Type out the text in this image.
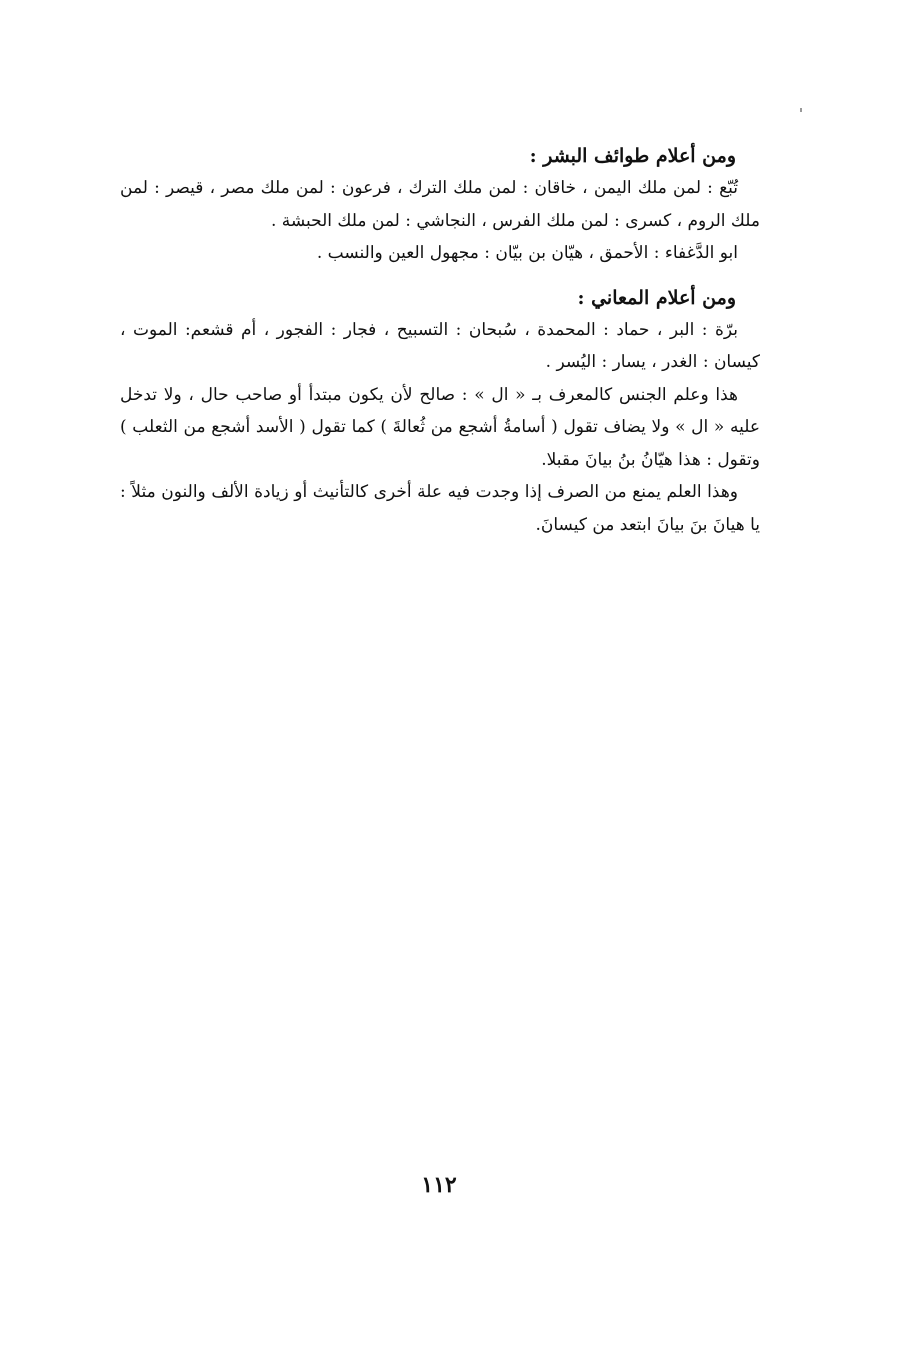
ومن أعلام طوائف البشر :

تُبّع : لمن ملك اليمن ، خاقان : لمن ملك الترك ، فرعون : لمن ملك مصر ، قيصر : لمن ملك الروم ، كسرى : لمن ملك الفرس ، النجاشي : لمن ملك الحبشة .

ابو الدَّغفاء : الأحمق ، هيّان بن بيّان : مجهول العين والنسب .

ومن أعلام المعاني :

برّة : البر ، حماد : المحمدة ، سُبحان : التسبيح ، فجار : الفجور ، أم قشعم: الموت ، كيسان : الغدر ، يسار : اليُسر .

هذا وعلم الجنس كالمعرف بـ « ال » : صالح لأن يكون مبتدأ أو صاحب حال ، ولا تدخل عليه « ال » ولا يضاف تقول ( أسامةُ أشجع من ثُعالةَ ) كما تقول ( الأسد أشجع من الثعلب ) وتقول : هذا هيّانُ بنُ بيانَ مقبلا.

وهذا العلم يمنع من الصرف إذا وجدت فيه علة أخرى كالتأنيث أو زيادة الألف والنون مثلاً : يا هيانَ بنَ بيانَ ابتعد من كيسانَ.

١١٢
